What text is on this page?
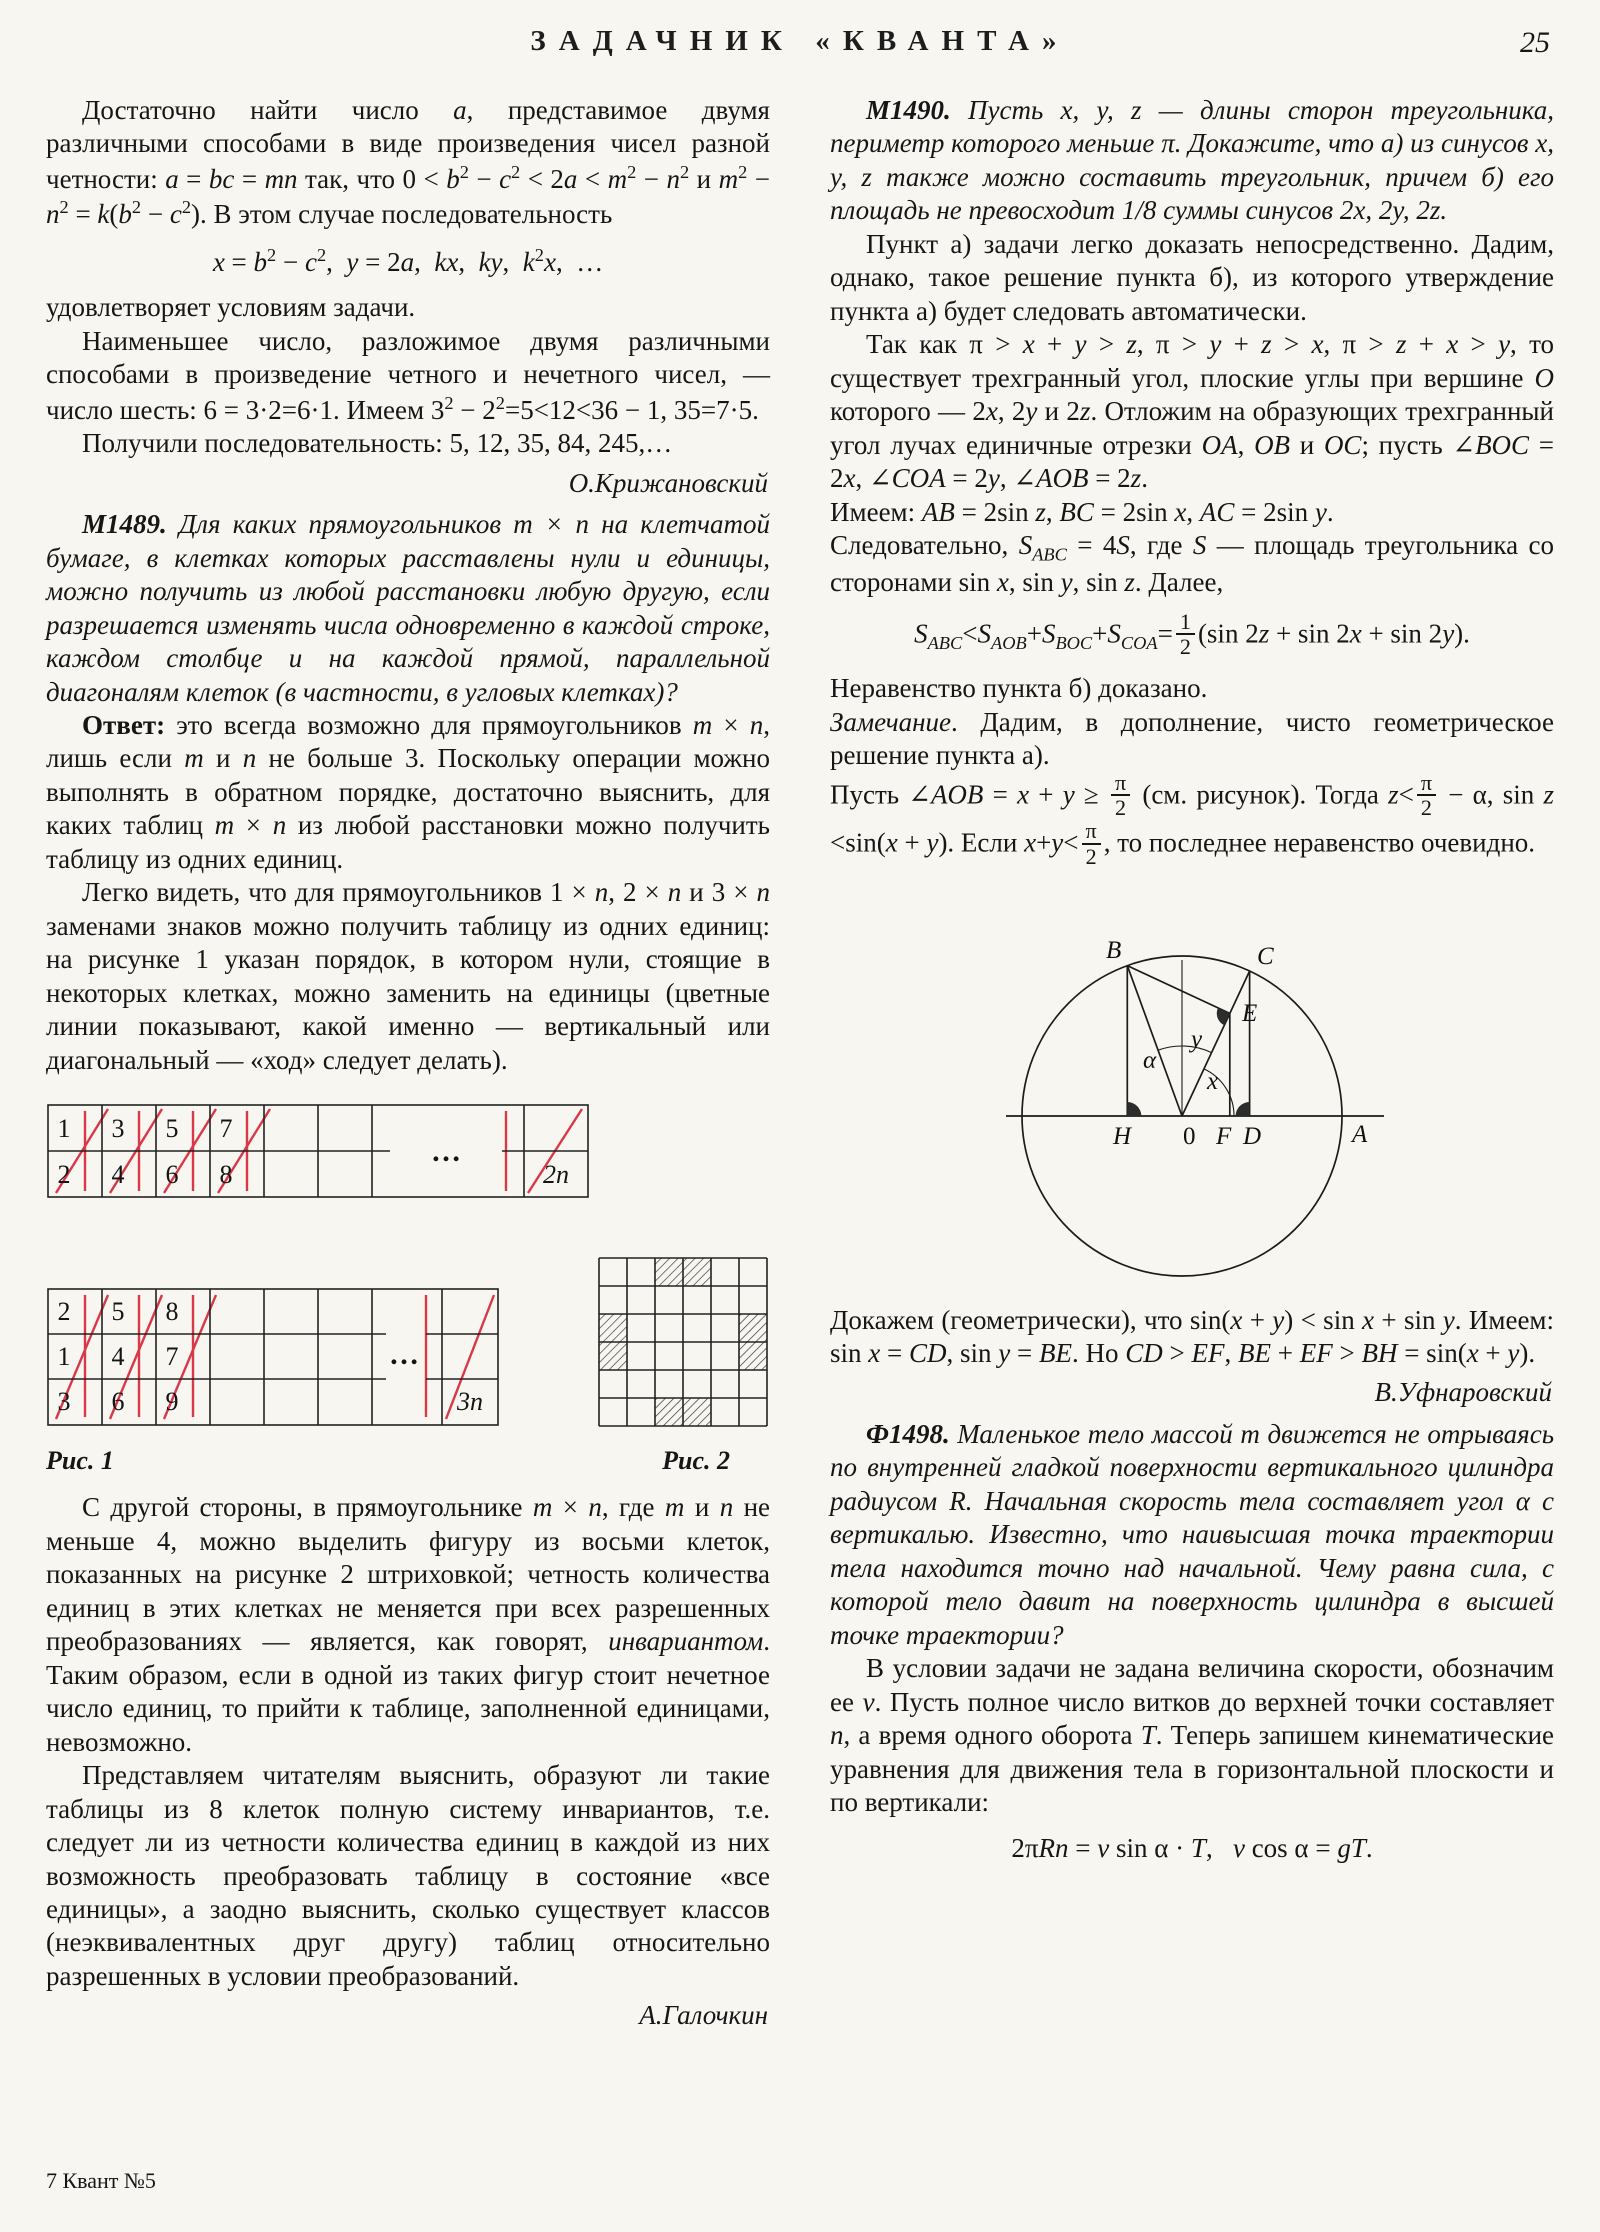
ЗАДАЧНИК «КВАНТА»	25

Достаточно найти число a, представимое двумя различными способами в виде произведения чисел разной четности: a = bc = mn так, что $0 < b^2 - c^2 < 2a < m^2 - n^2$ и $m^2 - n^2 = k(b^2 - c^2)$. В этом случае последовательность

$x = b^2 - c^2$,  y = 2a,  kx,  ky,  $k^2x$,  …

удовлетворяет условиям задачи.

Наименьшее число, разложимое двумя различными способами в произведение четного и нечетного чисел, — число шесть: 6 = 3·2=6·1. Имеем $3^2 - 2^2=5<12<36 - 1$, 35=7·5.

Получили последовательность: 5, 12, 35, 84, 245,…

О.Крижановский

М1489. Для каких прямоугольников m × n на клетчатой бумаге, в клетках которых расставлены нули и единицы, можно получить из любой расстановки любую другую, если разрешается изменять числа одновременно в каждой строке, каждом столбце и на каждой прямой, параллельной диагоналям клеток (в частности, в угловых клетках)?

Ответ: это всегда возможно для прямоугольников m × n, лишь если m и n не больше 3. Поскольку операции можно выполнять в обратном порядке, достаточно выяснить, для каких таблиц m × n из любой расстановки можно получить таблицу из одних единиц.

Легко видеть, что для прямоугольников 1 × n, 2 × n и 3 × n заменами знаков можно получить таблицу из одних единиц: на рисунке 1 указан порядок, в котором нули, стоящие в некоторых клетках, можно заменить на единицы (цветные линии показывают, какой именно — вертикальный или диагональный — «ход» следует делать).

1 3 5 7
2 4 6 8	2n
…
2 5 8
1 4 7
3 6 9	3n
…
Рис. 1	Рис. 2

С другой стороны, в прямоугольнике m × n, где m и n не меньше 4, можно выделить фигуру из восьми клеток, показанных на рисунке 2 штриховкой; четность количества единиц в этих клетках не меняется при всех разрешенных преобразованиях — является, как говорят, инвариантом. Таким образом, если в одной из таких фигур стоит нечетное число единиц, то прийти к таблице, заполненной единицами, невозможно.

Представляем читателям выяснить, образуют ли такие таблицы из 8 клеток полную систему инвариантов, т.е. следует ли из четности количества единиц в каждой из них возможность преобразовать таблицу в состояние «все единицы», а заодно выяснить, сколько существует классов (неэквивалентных друг другу) таблиц относительно разрешенных в условии преобразований.

А.Галочкин

М1490. Пусть x, y, z — длины сторон треугольника, периметр которого меньше π. Докажите, что а) из синусов x, y, z также можно составить треугольник, причем б) его площадь не превосходит 1/8 суммы синусов 2x, 2y, 2z.

Пункт а) задачи легко доказать непосредственно. Дадим, однако, такое решение пункта б), из которого утверждение пункта а) будет следовать автоматически.

Так как π > x + y > z, π > y + z > x, π > z + x > y, то существует трехгранный угол, плоские углы при вершине O которого — 2x, 2y и 2z. Отложим на образующих трехгранный угол лучах единичные отрезки OA, OB и OC; пусть ∠BOC = 2x, ∠COA = 2y, ∠AOB = 2z.

Имеем: AB = 2sin z, BC = 2sin x, AC = 2sin y.

Следовательно, $S_{ABC} = 4S$, где S — площадь треугольника со сторонами sin x, sin y, sin z. Далее,

$S_{ABC}<S_{AOB}+S_{BOC}+S_{COA}= \frac{1}{2} (\sin$ 2z + sin 2x + sin 2y).

Неравенство пункта б) доказано.

Замечание. Дадим, в дополнение, чисто геометрическое решение пункта а).

Пусть ∠AOB = $x + y \ge \frac{\pi}{2} (см$. рисунок). Тогда $z< \frac{\pi}{2} - \alpha$, sin z <sin(x + y). Если $x+y< \frac{\pi}{2}$ , то последнее неравенство очевидно.

B	C
E
H 0 F D	A
α
y
x

Докажем (геометрически), что sin(x + y) < sin x + sin y. Имеем: sin x = CD, sin y = BE. Но CD > EF, BE + EF > BH = sin(x + y).

В.Уфнаровский

Ф1498. Маленькое тело массой m движется не отрываясь по внутренней гладкой поверхности вертикального цилиндра радиусом R. Начальная скорость тела составляет угол α с вертикалью. Известно, что наивысшая точка траектории тела находится точно над начальной. Чему равна сила, с которой тело давит на поверхность цилиндра в высшей точке траектории?

В условии задачи не задана величина скорости, обозначим ее v. Пусть полное число витков до верхней точки составляет n, а время одного оборота T. Теперь запишем кинематические уравнения для движения тела в горизонтальной плоскости и по вертикали:

2πRn = v sin α · T,   v cos α = gT.
7 Квант №5
